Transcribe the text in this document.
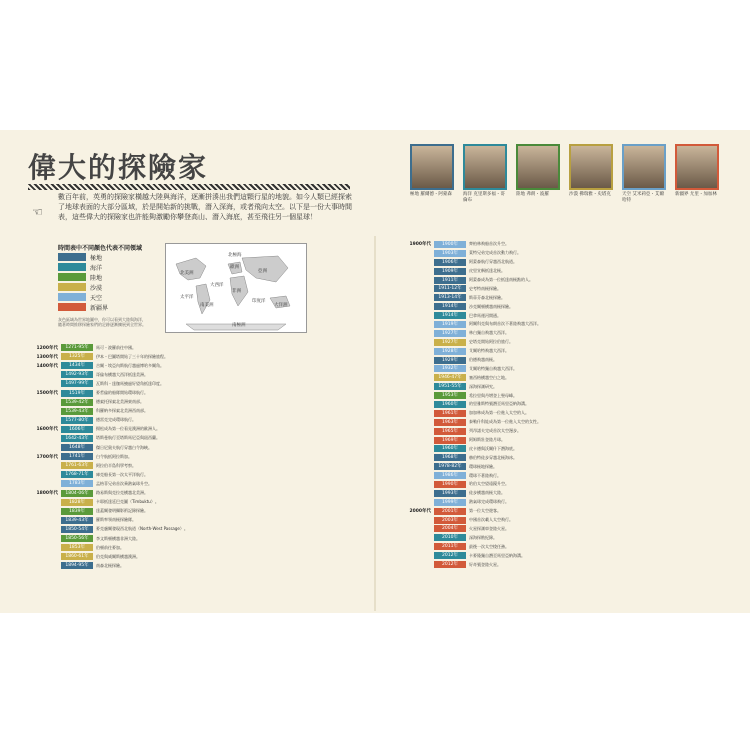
偉大的探險家
☜
數百年前，英勇的探險家橫越大陸與海洋，逐漸拼湊出我們這顆行星的地貌。如今人類已經探索了地球表面的大部分區域，於是開始新的挑戰，潛入深海，或者飛向太空。以下是一份大事時間表，這些偉大的探險家也許能夠激勵你攀登高山、潛入海底，甚至飛往另一個星球！
極地 羅爾德・阿蒙森	海洋 克里斯多福・哥倫布
陸地 弗朗・波羅	沙漠 佛瑞雅・史塔克	天空 艾米莉亞・艾爾哈特
新疆界 尤里・加加林
時間表中不同顏色代表不同領域
極地
海洋
陸地
沙漠
天空
新疆界
北極海
北美洲	亞洲
歐洲
大西洋
太平洋
非洲
南美洲
印度洋
大洋洲
南極洲
灰色區域為世界地圖中，你可以看到大陸與海洋，隨著時間推移探險家們的足跡逐漸擴展到全世界。
1200年代	1271-95年	馬可・波羅前往中國。
1300年代	1325年	伊本・巴圖塔開始了三十年的探險旅程。
1400年代	1434年	吉爾・埃亞內斯航行越過博哈多爾角。
1492-93年	哥倫布橫越大西洋抵達美洲。
1497-99年	瓦斯科・達伽馬繞過好望角抵達印度。
1500年代	1519年	麥哲倫的船隊開始環球航行。
1539-42年	德索托探索北美洲東南部。
1539-43年	科羅納多探索北美洲西南部。
1577-80年	德雷克完成環球航行。
1600年代	1606年	揚松成為第一位看見澳洲的歐洲人。
1642-43年	塔斯曼航行至塔斯馬尼亞與紐西蘭。
1648年	傑日尼奧夫航行穿越白令海峽。
1700年代	1741年	白令航抵阿拉斯加。
1761-63年	阿拉伯半島科學考察。
1768-71年	庫克船長第一次太平洋航行。
1783年	孟格菲兄弟首次乘熱氣球升空。
1800年代	1804-06年	路易斯與克拉克橫越北美洲。
1828年	卡耶抵達廷巴克圖（Timbuktu）。
1839年	達蓋爾發明攝影術記錄探險。
1839-43年	羅斯率領南極探險隊。
1850-54年	麥克盧爾發現西北航道（North-West Passage）。
1850-56年	李文斯頓橫越非洲大陸。
1853年	伯頓前往麥加。
1860-61年	伯克與威爾斯橫越澳洲。
1894-95年	南森北極探險。
1900年代	1900年	齊柏林飛船首次升空。
1903年	萊特兄弟完成首次動力飛行。
1906年	阿蒙森航行穿越西北航道。
1909年	皮里宣稱抵達北極。
1911年	阿蒙森成為第一位抵達南極點的人。
1911-12年	史考特南極探險。
1913-14年	斯蒂芬森北極探險。
1914年	沙克爾頓橫越南極探險。
1914年	巴拿馬運河開通。
1919年	阿爾科克與布朗首次不著陸飛越大西洋。
1927年	林白獨自飛越大西洋。
1927年	史塔克開始阿拉伯旅行。
1928年	艾爾哈特飛越大西洋。
1929年	伯德飛越南極。
1932年	艾爾哈特獨自飛越大西洋。
1946-47年	塞西格橫越空白之地。
1951-55年	深海探測研究。
1953年	希拉里與丹增登上聖母峰。
1960年	的里雅斯特號潛至馬里亞納海溝。
1961年	加加林成為第一位進入太空的人。
1963年	泰勒什科娃成為第一位進入太空的女性。
1965年	列昂諾夫完成首次太空漫步。
1969年	阿姆斯壯登陸月球。
1960年	皮卡德與沃爾什下潛海底。
1968年	赫伯特徒步穿越北極海冰。
1978-82年	環球極地探險。
1986年	環球不著陸飛行。
1990年	哈伯太空望遠鏡升空。
1993年	徒步橫越南極大陸。
1999年	熱氣球完成環球飛行。
2000年代	2001年	第一位太空遊客。
2003年	中國首次載人太空飛行。
2004年	火星探測車登陸火星。
2010年	深海探勘紀錄。
2011年	最後一次太空梭任務。
2012年	卡麥隆獨自潛至馬里亞納海溝。
2012年	好奇號登陸火星。
